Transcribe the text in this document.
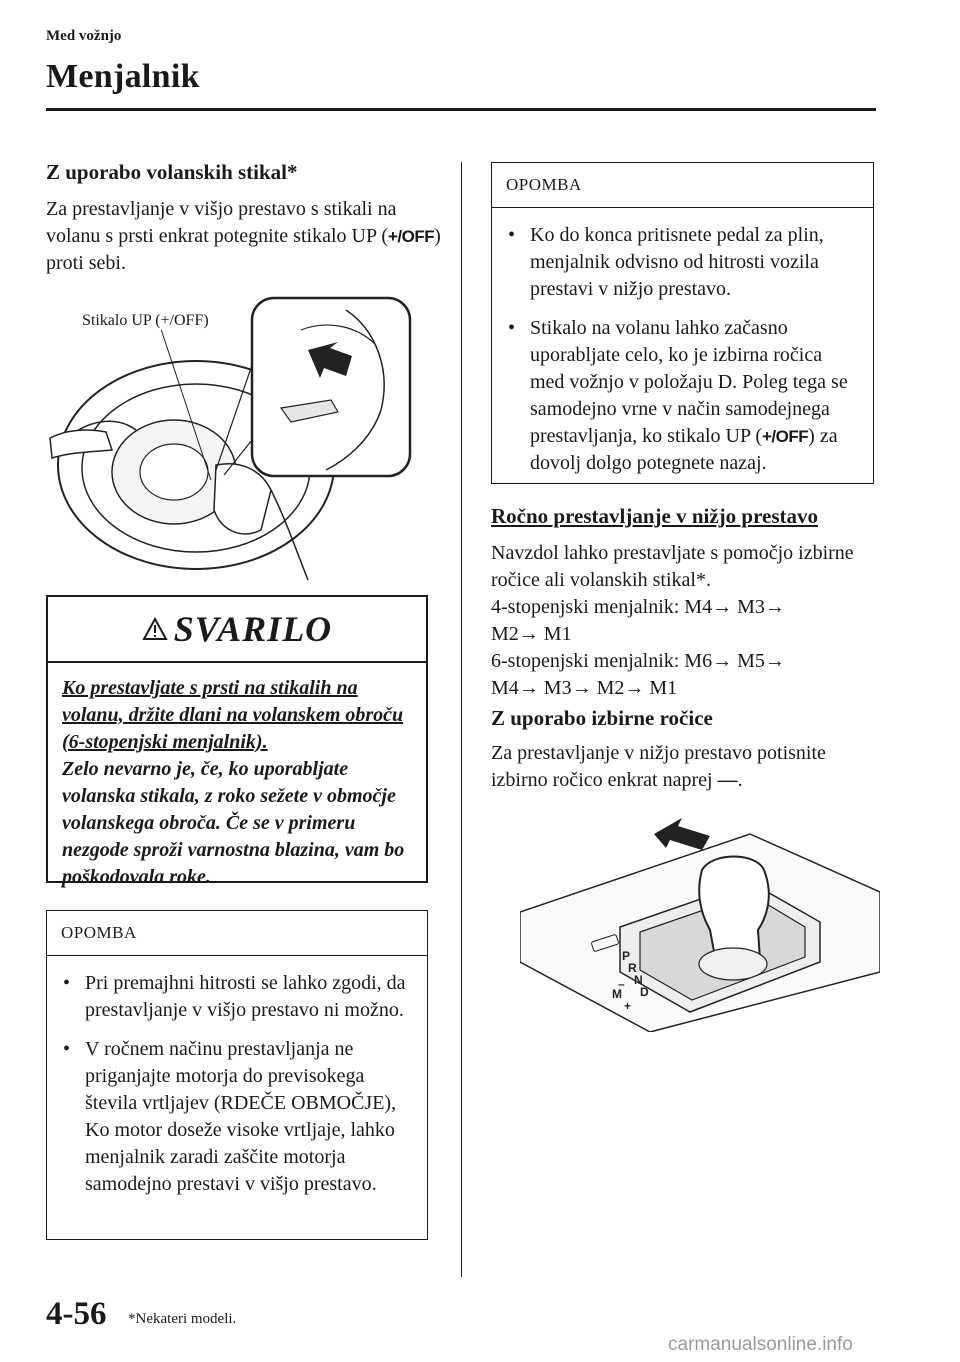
Med vožnjo
Menjalnik
Z uporabo volanskih stikal*

Za prestavljanje v višjo prestavo s stikali na volanu s prsti enkrat potegnite stikalo UP (+/OFF) proti sebi.

Stikalo UP (+/OFF)
SVARILO
Ko prestavljate s prsti na stikalih na volanu, držite dlani na volanskem obroču (6-stopenjski menjalnik).
Zelo nevarno je, če, ko uporabljate volanska stikala, z roko sežete v območje volanskega obroča. Če se v primeru nezgode sproži varnostna blazina, vam bo poškodovala roke.
OPOMBA
• Pri premajhni hitrosti se lahko zgodi, da prestavljanje v višjo prestavo ni možno.
• V ročnem načinu prestavljanja ne priganjajte motorja do previsokega števila vrtljajev (RDEČE OBMOČJE), Ko motor doseže visoke vrtljaje, lahko menjalnik zaradi zaščite motorja samodejno prestavi v višjo prestavo.
OPOMBA
• Ko do konca pritisnete pedal za plin, menjalnik odvisno od hitrosti vozila prestavi v nižjo prestavo.
• Stikalo na volanu lahko začasno uporabljate celo, ko je izbirna ročica med vožnjo v položaju D. Poleg tega se samodejno vrne v način samodejnega prestavljanja, ko stikalo UP (+/OFF) za dovolj dolgo potegnete nazaj.
Ročno prestavljanje v nižjo prestavo

Navzdol lahko prestavljate s pomočjo izbirne ročice ali volanskih stikal*.

4-stopenjski menjalnik: M4→ M3→ M2→ M1

6-stopenjski menjalnik: M6→ M5→ M4→ M3→ M2→ M1

Z uporabo izbirne ročice

Za prestavljanje v nižjo prestavo potisnite izbirno ročico enkrat naprej —.

P
R
N
–
M D
+
4-56 *Nekateri modeli.
carmanualsonline.info
